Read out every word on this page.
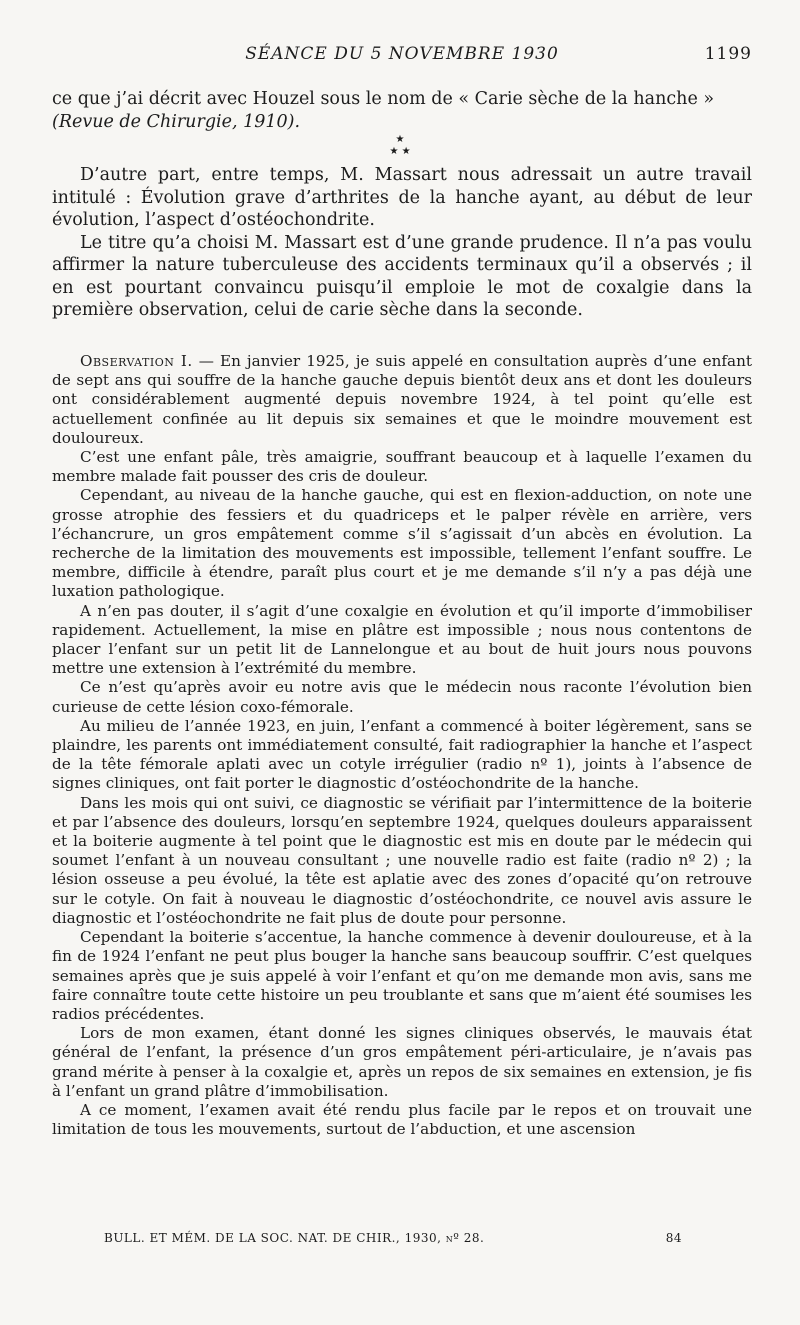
SÉANCE DU 5 NOVEMBRE 1930	1199

ce que j’ai décrit avec Houzel sous le nom de « Carie sèche de la hanche »

(Revue de Chirurgie, 1910).

★
★ ★

D’autre part, entre temps, M. Massart nous adressait un autre travail intitulé : Évolution grave d’arthrites de la hanche ayant, au début de leur évolution, l’aspect d’ostéochondrite.

Le titre qu’a choisi M. Massart est d’une grande prudence. Il n’a pas voulu affirmer la nature tuberculeuse des accidents terminaux qu’il a observés ; il en est pourtant convaincu puisqu’il emploie le mot de coxalgie dans la première observation, celui de carie sèche dans la seconde.

Observation I. — En janvier 1925, je suis appelé en consultation auprès d’une enfant de sept ans qui souffre de la hanche gauche depuis bientôt deux ans et dont les douleurs ont considérablement augmenté depuis novembre 1924, à tel point qu’elle est actuellement confinée au lit depuis six semaines et que le moindre mouvement est douloureux.

C’est une enfant pâle, très amaigrie, souffrant beaucoup et à laquelle l’examen du membre malade fait pousser des cris de douleur.

Cependant, au niveau de la hanche gauche, qui est en flexion-adduction, on note une grosse atrophie des fessiers et du quadriceps et le palper révèle en arrière, vers l’échancrure, un gros empâtement comme s’il s’agissait d’un abcès en évolution. La recherche de la limitation des mouvements est impossible, tellement l’enfant souffre. Le membre, difficile à étendre, paraît plus court et je me demande s’il n’y a pas déjà une luxation pathologique.

A n’en pas douter, il s’agit d’une coxalgie en évolution et qu’il importe d’immobiliser rapidement. Actuellement, la mise en plâtre est impossible ; nous nous contentons de placer l’enfant sur un petit lit de Lannelongue et au bout de huit jours nous pouvons mettre une extension à l’extrémité du membre.

Ce n’est qu’après avoir eu notre avis que le médecin nous raconte l’évolution bien curieuse de cette lésion coxo-fémorale.

Au milieu de l’année 1923, en juin, l’enfant a commencé à boiter légèrement, sans se plaindre, les parents ont immédiatement consulté, fait radiographier la hanche et l’aspect de la tête fémorale aplati avec un cotyle irrégulier (radio nº 1), joints à l’absence de signes cliniques, ont fait porter le diagnostic d’ostéochondrite de la hanche.

Dans les mois qui ont suivi, ce diagnostic se vérifiait par l’intermittence de la boiterie et par l’absence des douleurs, lorsqu’en septembre 1924, quelques douleurs apparaissent et la boiterie augmente à tel point que le diagnostic est mis en doute par le médecin qui soumet l’enfant à un nouveau consultant ; une nouvelle radio est faite (radio nº 2) ; la lésion osseuse a peu évolué, la tête est aplatie avec des zones d’opacité qu’on retrouve sur le cotyle. On fait à nouveau le diagnostic d’ostéochondrite, ce nouvel avis assure le diagnostic et l’ostéochondrite ne fait plus de doute pour personne.

Cependant la boiterie s’accentue, la hanche commence à devenir douloureuse, et à la fin de 1924 l’enfant ne peut plus bouger la hanche sans beaucoup souffrir. C’est quelques semaines après que je suis appelé à voir l’enfant et qu’on me demande mon avis, sans me faire connaître toute cette histoire un peu troublante et sans que m’aient été soumises les radios précédentes.

Lors de mon examen, étant donné les signes cliniques observés, le mauvais état général de l’enfant, la présence d’un gros empâtement péri-articulaire, je n’avais pas grand mérite à penser à la coxalgie et, après un repos de six semaines en extension, je fis à l’enfant un grand plâtre d’immobilisation.

A ce moment, l’examen avait été rendu plus facile par le repos et on trouvait une limitation de tous les mouvements, surtout de l’abduction, et une ascension

BULL. ET MÉM. DE LA SOC. NAT. DE CHIR., 1930, nº 28.	84
